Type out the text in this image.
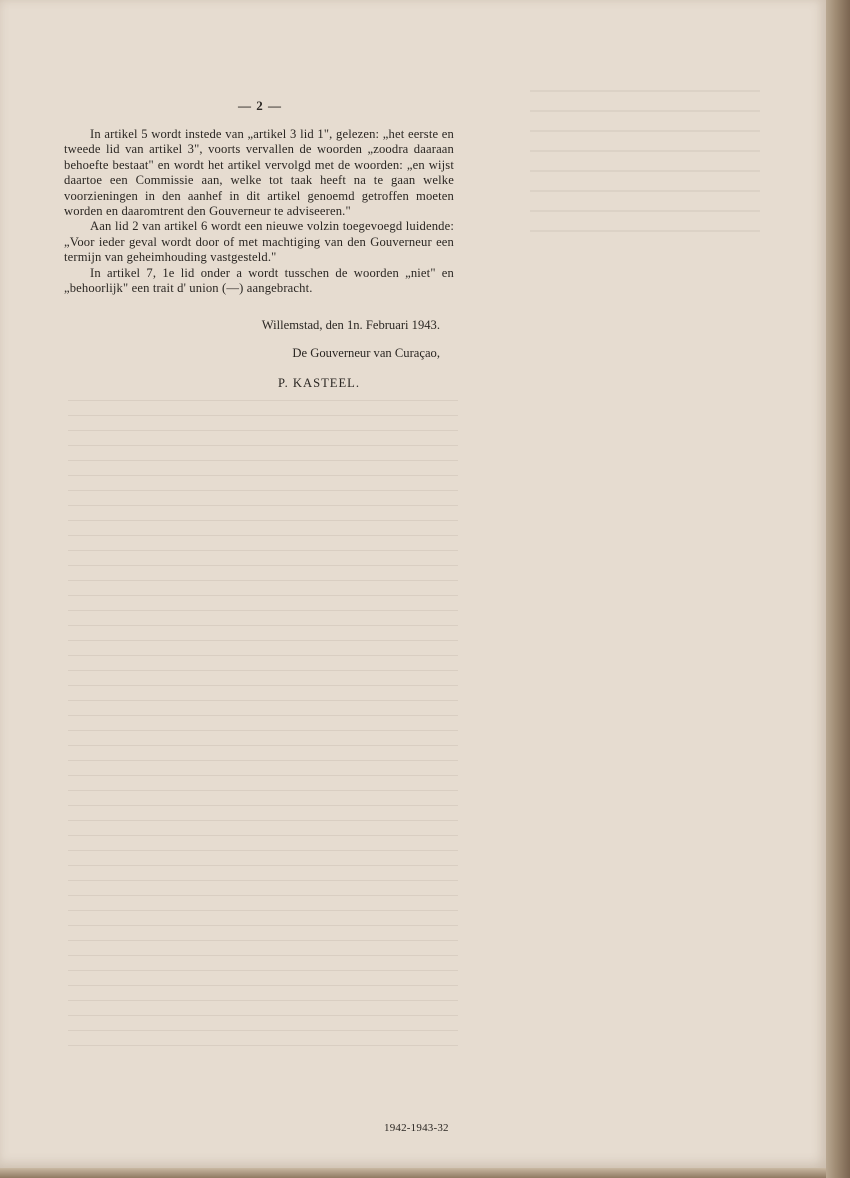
— 2 —

In artikel 5 wordt instede van „artikel 3 lid 1", gelezen: „het eerste en tweede lid van artikel 3", voorts vervallen de woorden „zoodra daaraan behoefte bestaat" en wordt het artikel vervolgd met de woorden: „en wijst daartoe een Commissie aan, welke tot taak heeft na te gaan welke voorzieningen in den aanhef in dit artikel genoemd getroffen moeten worden en daaromtrent den Gouverneur te adviseeren."

Aan lid 2 van artikel 6 wordt een nieuwe volzin toegevoegd luidende: „Voor ieder geval wordt door of met machtiging van den Gouverneur een termijn van geheimhouding vastgesteld."

In artikel 7, 1e lid onder a wordt tusschen de woorden „niet" en „behoorlijk" een trait d' union (—) aangebracht.

Willemstad, den 1n. Februari 1943.
De Gouverneur van Curaçao,
P. KASTEEL.
1942-1943-32
